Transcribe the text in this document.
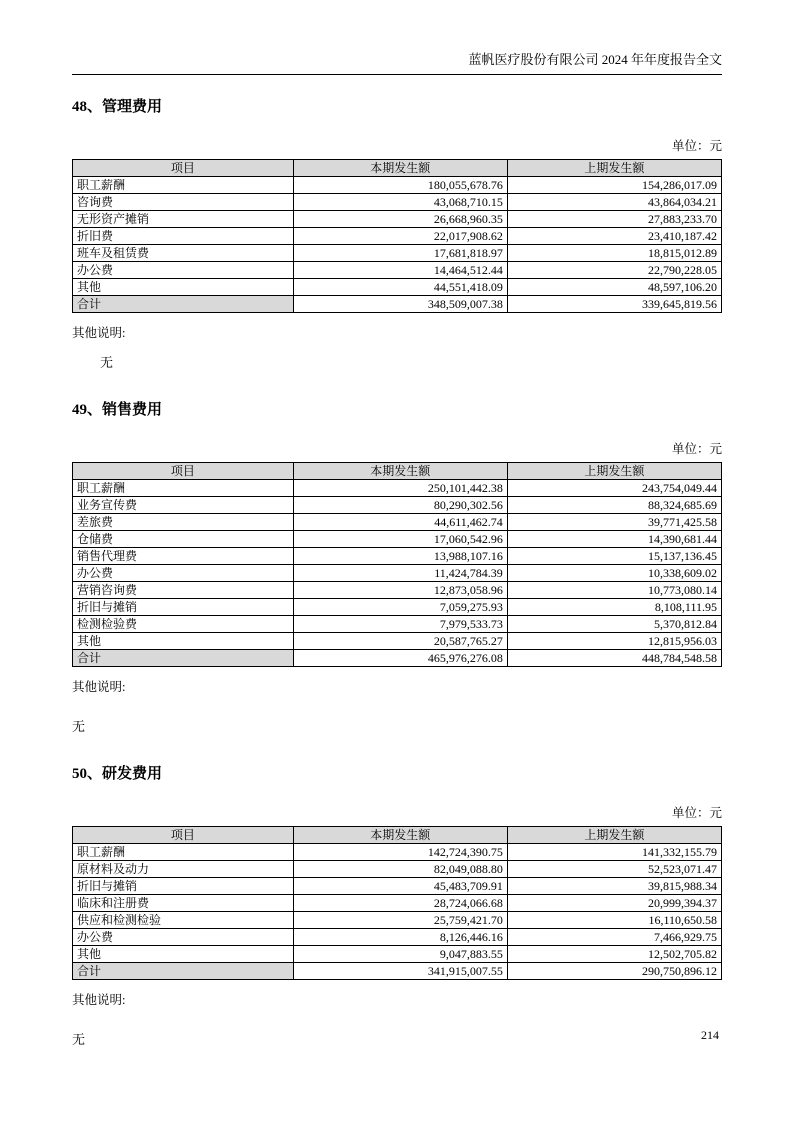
蓝帆医疗股份有限公司 2024 年年度报告全文
48、管理费用
单位：元
项目	本期发生额	上期发生额
职工薪酬	180,055,678.76	154,286,017.09
咨询费	43,068,710.15	43,864,034.21
无形资产摊销	26,668,960.35	27,883,233.70
折旧费	22,017,908.62	23,410,187.42
班车及租赁费	17,681,818.97	18,815,012.89
办公费	14,464,512.44	22,790,228.05
其他	44,551,418.09	48,597,106.20
合计	348,509,007.38	339,645,819.56
其他说明:
无
49、销售费用
单位：元
项目	本期发生额	上期发生额
职工薪酬	250,101,442.38	243,754,049.44
业务宣传费	80,290,302.56	88,324,685.69
差旅费	44,611,462.74	39,771,425.58
仓储费	17,060,542.96	14,390,681.44
销售代理费	13,988,107.16	15,137,136.45
办公费	11,424,784.39	10,338,609.02
营销咨询费	12,873,058.96	10,773,080.14
折旧与摊销	7,059,275.93	8,108,111.95
检测检验费	7,979,533.73	5,370,812.84
其他	20,587,765.27	12,815,956.03
合计	465,976,276.08	448,784,548.58
其他说明:
无
50、研发费用
单位：元
项目	本期发生额	上期发生额
职工薪酬	142,724,390.75	141,332,155.79
原材料及动力	82,049,088.80	52,523,071.47
折旧与摊销	45,483,709.91	39,815,988.34
临床和注册费	28,724,066.68	20,999,394.37
供应和检测检验	25,759,421.70	16,110,650.58
办公费	8,126,446.16	7,466,929.75
其他	9,047,883.55	12,502,705.82
合计	341,915,007.55	290,750,896.12
其他说明:
无	214
